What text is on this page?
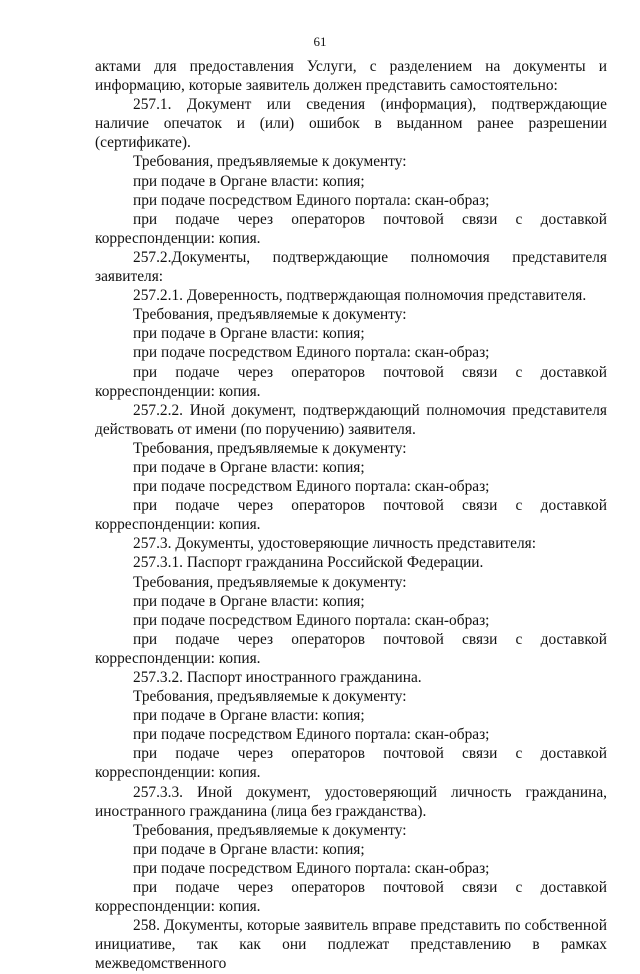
61

актами для предоставления Услуги, с разделением на документы и информацию, которые заявитель должен представить самостоятельно:

257.1. Документ или сведения (информация), подтверждающие наличие опечаток и (или) ошибок в выданном ранее разрешении (сертификате).

Требования, предъявляемые к документу:

при подаче в Органе власти: копия;

при подаче посредством Единого портала: скан-образ;

при подаче через операторов почтовой связи с доставкой корреспонденции: копия.

257.2.Документы, подтверждающие полномочия представителя заявителя:

257.2.1. Доверенность, подтверждающая полномочия представителя.

Требования, предъявляемые к документу:

при подаче в Органе власти: копия;

при подаче посредством Единого портала: скан-образ;

при подаче через операторов почтовой связи с доставкой корреспонденции: копия.

257.2.2. Иной документ, подтверждающий полномочия представителя действовать от имени (по поручению) заявителя.

Требования, предъявляемые к документу:

при подаче в Органе власти: копия;

при подаче посредством Единого портала: скан-образ;

при подаче через операторов почтовой связи с доставкой корреспонденции: копия.

257.3. Документы, удостоверяющие личность представителя:

257.3.1. Паспорт гражданина Российской Федерации.

Требования, предъявляемые к документу:

при подаче в Органе власти: копия;

при подаче посредством Единого портала: скан-образ;

при подаче через операторов почтовой связи с доставкой корреспонденции: копия.

257.3.2. Паспорт иностранного гражданина.

Требования, предъявляемые к документу:

при подаче в Органе власти: копия;

при подаче посредством Единого портала: скан-образ;

при подаче через операторов почтовой связи с доставкой корреспонденции: копия.

257.3.3. Иной документ, удостоверяющий личность гражданина, иностранного гражданина (лица без гражданства).

Требования, предъявляемые к документу:

при подаче в Органе власти: копия;

при подаче посредством Единого портала: скан-образ;

при подаче через операторов почтовой связи с доставкой корреспонденции: копия.

258. Документы, которые заявитель вправе представить по собственной инициативе, так как они подлежат представлению в рамках межведомственного
